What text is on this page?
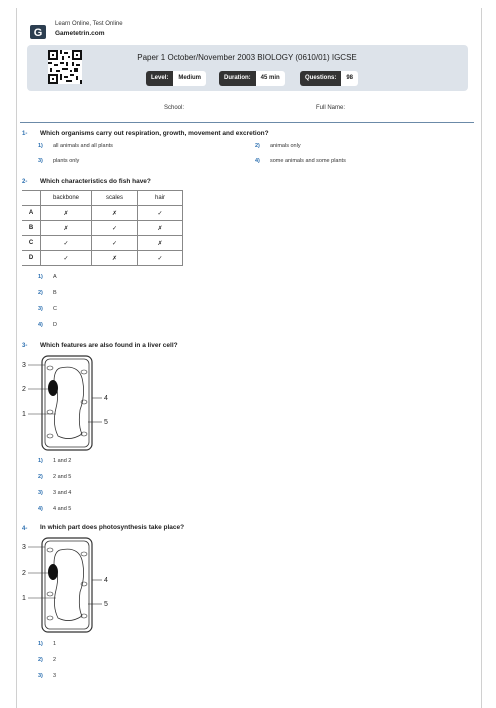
G
Learn Online, Test Online
Gametetrin.com
Paper 1 October/November 2003 BIOLOGY (0610/01) IGCSE
Level:	Medium	Duration:	45 min	Questions:	98
School:	Full Name:
1- Which organisms carry out respiration, growth, movement and excretion?
1) all animals and all plants	2) animals only
3) plants only	4) some animals and some plants
2- Which characteristics do fish have?
	backbone	scales	hair
A	✗	✗	✓
B	✗	✓	✗
C	✓	✓	✗
D	✓	✗	✓
1) A
2) B
3) C
4) D
3- Which features are also found in a liver cell?
3
2
1
4
5
1) 1 and 2
2) 2 and 5
3) 3 and 4
4) 4 and 5
4- In which part does photosynthesis take place?
3
2
1
4
5
1) 1
2) 2
3) 3
